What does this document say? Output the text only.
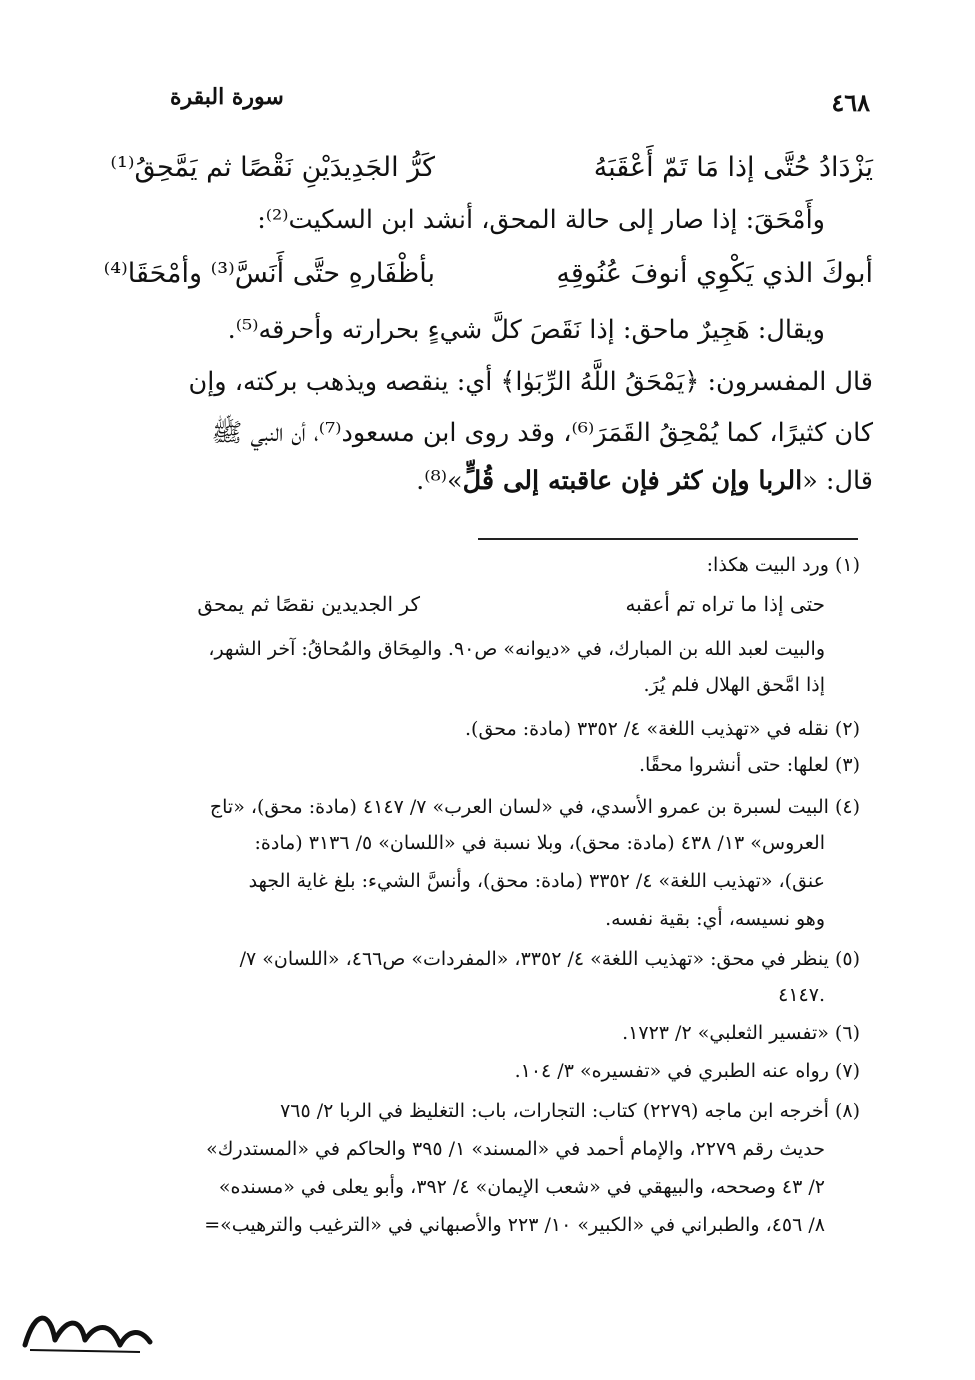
٤٦٨
سورة البقرة
يَزْدَادُ حُتَّى إذا مَا تَمّ أَعْقَبَهُ
كَرُّ الجَدِيدَيْنِ نَقْصًا ثم يَمَّحِقُ⁽¹⁾
وأَمْحَقَ: إذا صار إلى حالة المحق، أنشد ابن السكيت⁽²⁾:
أبوكَ الذي يَكْوِي أنوفَ عُنُوقِهِ
بأظْفَارهِ حتَّى أَنَسَّ⁽³⁾ وأمْحَقَا⁽⁴⁾
ويقال: هَجِيرٌ ماحق: إذا نَقَصَ كلَّ شيءٍ بحرارته وأحرقه⁽⁵⁾.
قال المفسرون: ﴿يَمْحَقُ اللَّهُ الرِّبَوٰا﴾ أي: ينقصه ويذهب بركته، وإن
كان كثيرًا، كما يُمْحِقُ القَمَرَ⁽⁶⁾، وقد روى ابن مسعود⁽⁷⁾، أن النبي ﷺ
قال: «الربا وإن كثر فإن عاقبته إلى قُلٍّ»⁽⁸⁾.
(١) ورد البيت هكذا:
حتى إذا ما تراه تم أعقبه
كر الجديدين نقصًا ثم يمحق
والبيت لعبد الله بن المبارك، في «ديوانه» ص٩٠. والمِحَاق والمُحاقُ: آخر الشهر،
إذا امَّحق الهلال فلم يُرَ.
(٢) نقله في «تهذيب اللغة» ٤/ ٣٣٥٢ (مادة: محق).
(٣) لعلها: حتى أنشروا محقًا.
(٤) البيت لسبرة بن عمرو الأسدي، في «لسان العرب» ٧/ ٤١٤٧ (مادة: محق)، «تاج
العروس» ١٣/ ٤٣٨ (مادة: محق)، وبلا نسبة في «اللسان» ٥/ ٣١٣٦ (مادة:
عنق)، «تهذيب اللغة» ٤/ ٣٣٥٢ (مادة: محق)، وأنسَّ الشيء: بلغ غاية الجهد
وهو نسيسه، أي: بقية نفسه.
(٥) ينظر في محق: «تهذيب اللغة» ٤/ ٣٣٥٢، «المفردات» ص٤٦٦، «اللسان» ٧/
٤١٤٧.
(٦) «تفسير الثعلبي» ٢/ ١٧٢٣.
(٧) رواه عنه الطبري في «تفسيره» ٣/ ١٠٤.
(٨) أخرجه ابن ماجه (٢٢٧٩) كتاب: التجارات، باب: التغليظ في الربا ٢/ ٧٦٥
حديث رقم ٢٢٧٩، والإمام أحمد في «المسند» ١/ ٣٩٥ والحاكم في «المستدرك»
٢/ ٤٣ وصححه، والبيهقي في «شعب الإيمان» ٤/ ٣٩٢، وأبو يعلى في «مسنده»
٨/ ٤٥٦، والطبراني في «الكبير» ١٠/ ٢٢٣ والأصبهاني في «الترغيب والترهيب»=
